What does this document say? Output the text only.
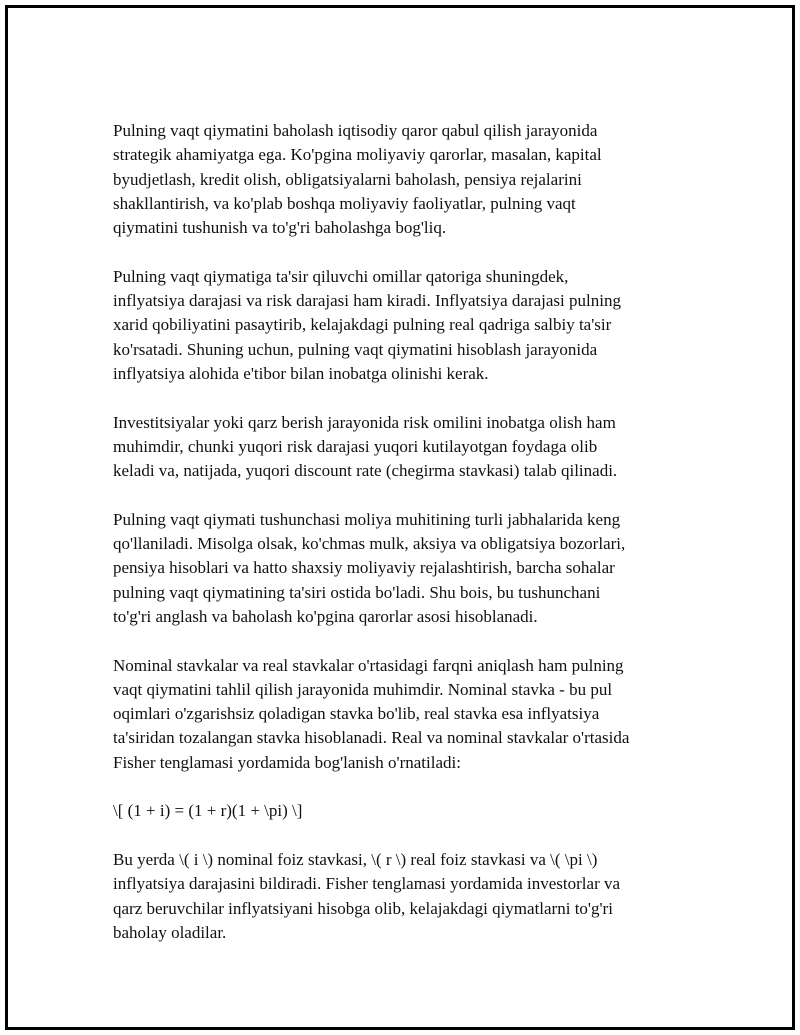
Pulning vaqt qiymatini baholash iqtisodiy qaror qabul qilish jarayonida
strategik ahamiyatga ega. Ko'pgina moliyaviy qarorlar, masalan, kapital
byudjetlash, kredit olish, obligatsiyalarni baholash, pensiya rejalarini
shakllantirish, va ko'plab boshqa moliyaviy faoliyatlar, pulning vaqt
qiymatini tushunish va to'g'ri baholashga bog'liq.

Pulning vaqt qiymatiga ta'sir qiluvchi omillar qatoriga shuningdek,
inflyatsiya darajasi va risk darajasi ham kiradi. Inflyatsiya darajasi pulning
xarid qobiliyatini pasaytirib, kelajakdagi pulning real qadriga salbiy ta'sir
ko'rsatadi. Shuning uchun, pulning vaqt qiymatini hisoblash jarayonida
inflyatsiya alohida e'tibor bilan inobatga olinishi kerak.

Investitsiyalar yoki qarz berish jarayonida risk omilini inobatga olish ham
muhimdir, chunki yuqori risk darajasi yuqori kutilayotgan foydaga olib
keladi va, natijada, yuqori discount rate (chegirma stavkasi) talab qilinadi.

Pulning vaqt qiymati tushunchasi moliya muhitining turli jabhalarida keng
qo'llaniladi. Misolga olsak, ko'chmas mulk, aksiya va obligatsiya bozorlari,
pensiya hisoblari va hatto shaxsiy moliyaviy rejalashtirish, barcha sohalar
pulning vaqt qiymatining ta'siri ostida bo'ladi. Shu bois, bu tushunchani
to'g'ri anglash va baholash ko'pgina qarorlar asosi hisoblanadi.

Nominal stavkalar va real stavkalar o'rtasidagi farqni aniqlash ham pulning
vaqt qiymatini tahlil qilish jarayonida muhimdir. Nominal stavka - bu pul
oqimlari o'zgarishsiz qoladigan stavka bo'lib, real stavka esa inflyatsiya
ta'siridan tozalangan stavka hisoblanadi. Real va nominal stavkalar o'rtasida
Fisher tenglamasi yordamida bog'lanish o'rnatiladi:

\[ (1 + i) = (1 + r)(1 + \pi) \]

Bu yerda \( i \) nominal foiz stavkasi, \( r \) real foiz stavkasi va \( \pi \)
inflyatsiya darajasini bildiradi. Fisher tenglamasi yordamida investorlar va
qarz beruvchilar inflyatsiyani hisobga olib, kelajakdagi qiymatlarni to'g'ri
baholay oladilar.
